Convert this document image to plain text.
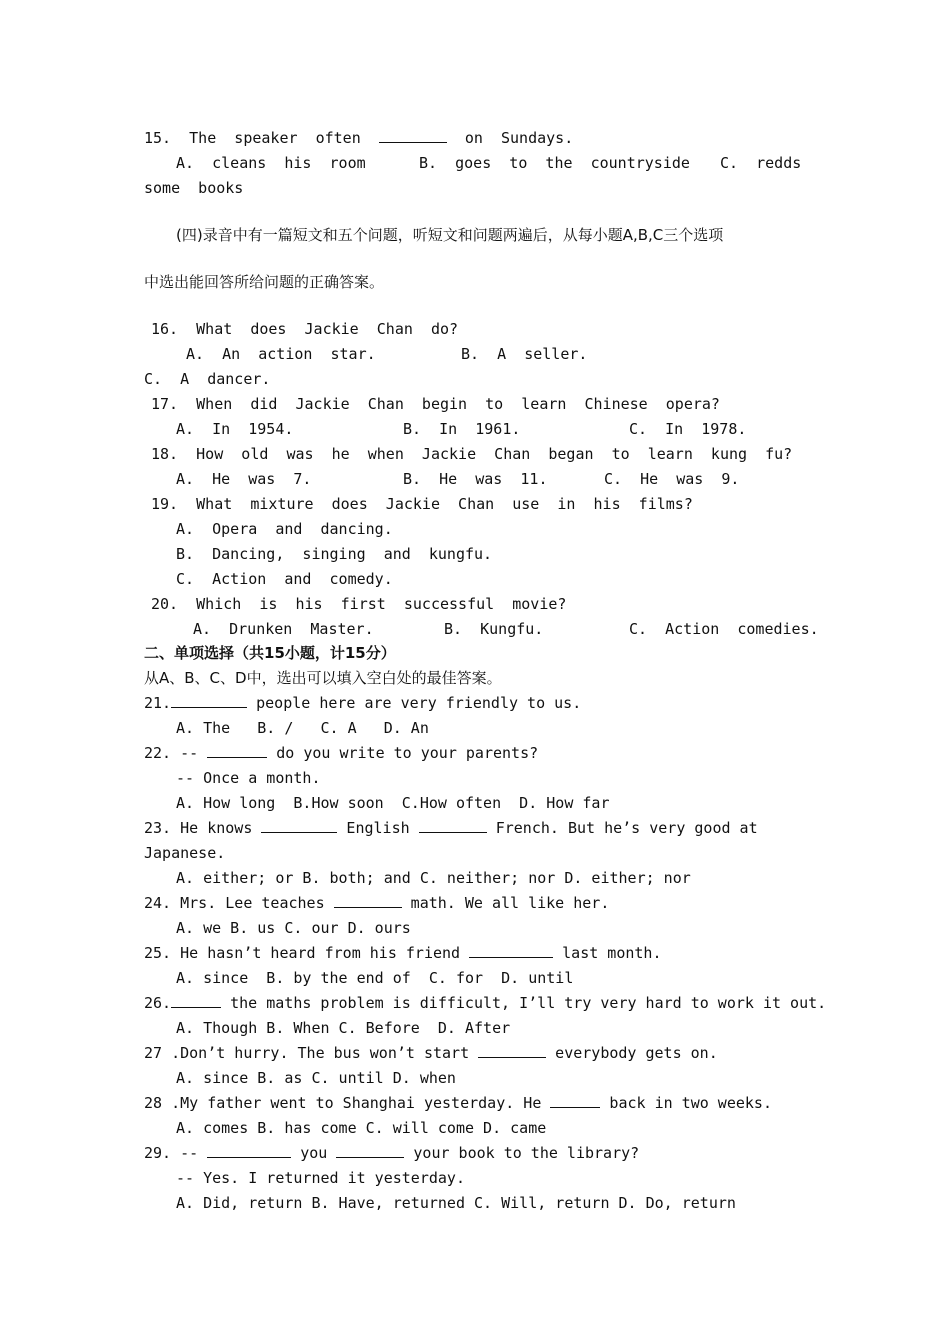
15.  The  speaker  often	on  Sundays.
A.  cleans  his  room	B.  goes  to  the  countryside C.  redds
some  books
(四)录音中有一篇短文和五个问题，听短文和问题两遍后，从每小题A,B,C三个选项
中选出能回答所给问题的正确答案。
16.  What  does  Jackie  Chan  do?
A.  An  action  star.	B.  A  seller.
C.  A  dancer.
17.  When  did  Jackie  Chan  begin  to  learn  Chinese  opera?
A.  In  1954.	B.  In  1961.	C.  In  1978.
18.  How  old  was  he  when  Jackie  Chan  began  to  learn  kung  fu?
A.  He  was  7.	B.  He  was  11.	C.  He  was  9.
19.  What  mixture  does  Jackie  Chan  use  in  his  films?
A.  Opera  and  dancing.
B.  Dancing,  singing  and  kungfu.
C.  Action  and  comedy.
20.  Which  is  his  first  successful  movie?
A.  Drunken  Master.	B.  Kungfu.	C.  Action  comedies.
二、单项选择（共15小题，计15分）
从A、B、C、D中，选出可以填入空白处的最佳答案。
21.	people here are very friendly to us.
A. The   B. /   C. A   D. An
22. --	do you write to your parents?
-- Once a month.
A. How long  B.How soon  C.How often  D. How far
23. He knows	English	French. But he’s very good at
Japanese.
A. either; or B. both; and C. neither; nor D. either; nor
24. Mrs. Lee teaches	math. We all like her.
A. we B. us C. our D. ours
25. He hasn’t heard from his friend	last month.
A. since  B. by the end of  C. for  D. until
26.	the maths problem is difficult, I’ll try very hard to work it out.
A. Though B. When C. Before  D. After
27 .Don’t hurry. The bus won’t start	everybody gets on.
A. since B. as C. until D. when
28 .My father went to Shanghai yesterday. He	back in two weeks.
A. comes B. has come C. will come D. came
29. --	you	your book to the library?
-- Yes. I returned it yesterday.
A. Did, return B. Have, returned C. Will, return D. Do, return
